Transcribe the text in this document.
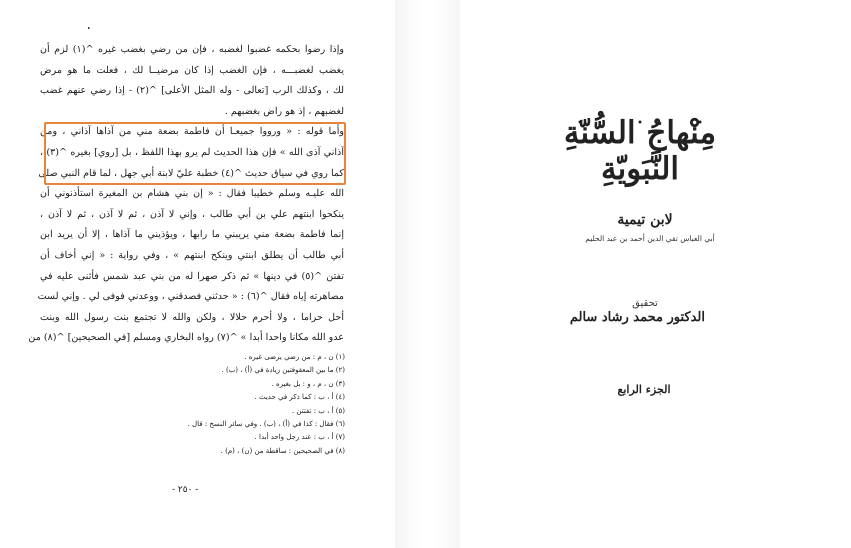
٠

وإذا رضوا بحكمه غضبوا لغضبه ، فإن من رضي بغضب غيره ^(١) لزم أن

يغضب لغضبـــه ، فإن الغضب إذا كان مرضيــا لك ، فعلت ما هو مرض

لك ، وكذلك الرب [تعالى - وله المثل الأعلى] ^(٢) - إذا رضي عنهم غضب

لغضبهم ، إذ هو راض بغضبهم .

وأما قوله : « ورووا جميعـا أن فاطمة بضعة مني من آذاها آذاني ، ومن

آذاني آذى الله » فإن هذا الحديث لم يرو بهذا اللفظ ، بل [روي] بغيره ^(٣) ،

كما روي في سياق حديث ^(٤) خطبة عليّ لابنة أبي جهل ، لما قام النبي صلى

الله عليـه وسلم خطيبا فقال : « إن بني هشام بن المغيرة استأذنوني أن

ينكحوا ابنتهم علي بن أبي طالب ، وإني لا آذن ، ثم لا آذن ، ثم لا آذن ،

إنما فاطمة بضعة مني يريبني ما رابها ، ويؤذيني ما آذاها ، إلا أن يريد ابن

أبي طالب أن يطلق ابنتي وينكح ابنتهم » ، وفي رواية : « إني أخاف أن

تفتن ^(٥) في دينها » ثم ذكر صهرا له من بني عبد شمس فأثنى عليه في

مصاهرته إياه فقال ^(٦) : « حدثني فصدقني ، ووعدني فوفى لي . وإني لست

أحل حراما ، ولا أحرم حلالا ، ولكن والله لا تجتمع بنت رسول الله وبنت

عدو الله مكانا واحدا أبدا » ^(٧) رواه البخاري ومسلم [في الصحيحين] ^(٨) من

(١) ن ، م : من رضي يرضى غيره .
(٢) ما بين المعقوفتين زيادة في (أ) ، (ب) .
(٣) ن ، م ، و : بل بغيره .
(٤) أ ، ب : كما ذكر في حديث .
(٥) أ ، ب : تفتتن .
(٦) فقال : كذا في (أ) ، (ب) . وفي سائر النسخ : قال .
(٧) أ ، ب : عند رجل واحد أبدا .
(٨) في الصحيحين : ساقطة من (ن) ، (م) .
- ٢٥٠ -
مِنْهاجُ السُّنّةِ النَّبَويّةِ
لابن تيمية
أبي العباس تقي الدين أحمد بن عبد الحليم
تحقيق
الدكتور محمد رشاد سالم
الجزء الرابع
